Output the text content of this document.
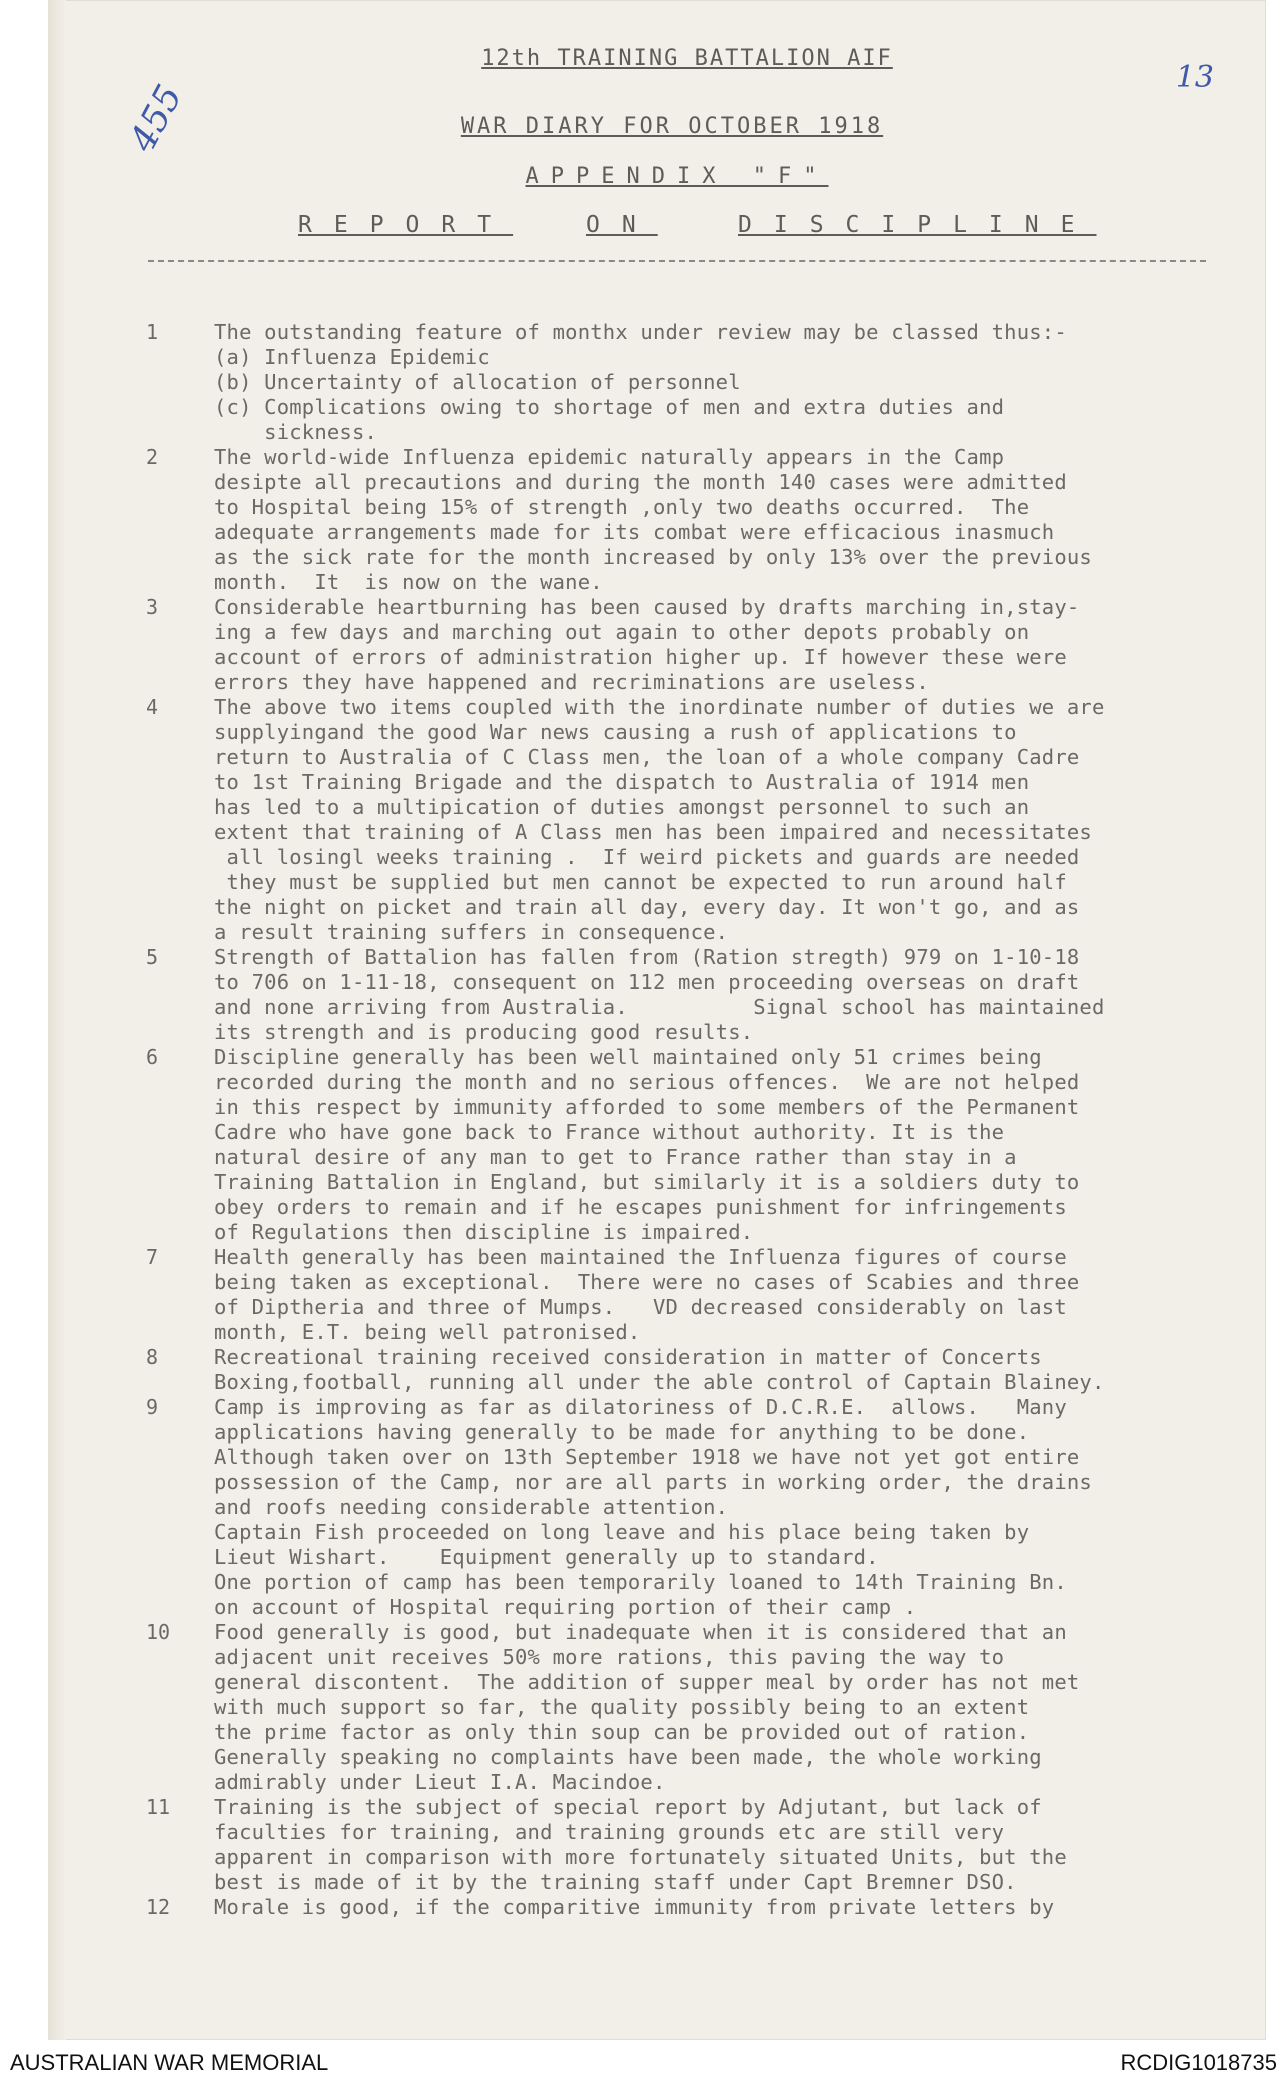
12th TRAINING BATTALION AIF
WAR DIARY FOR OCTOBER 1918
APPENDIX "F"
REPORT	ON	DISCIPLINE
13
455
1	The outstanding feature of monthx under review may be classed thus:-
(a) Influenza Epidemic
(b) Uncertainty of allocation of personnel
(c) Complications owing to shortage of men and extra duties and
sickness.
2	The world-wide Influenza epidemic naturally appears in the Camp
desipte all precautions and during the month 140 cases were admitted
to Hospital being 15% of strength ,only two deaths occurred.  The
adequate arrangements made for its combat were efficacious inasmuch
as the sick rate for the month increased by only 13% over the previous
month.  It  is now on the wane.
3	Considerable heartburning has been caused by drafts marching in,stay-
ing a few days and marching out again to other depots probably on
account of errors of administration higher up. If however these were
errors they have happened and recriminations are useless.
4	The above two items coupled with the inordinate number of duties we are
supplyingand the good War news causing a rush of applications to
return to Australia of C Class men, the loan of a whole company Cadre
to 1st Training Brigade and the dispatch to Australia of 1914 men
has led to a multipication of duties amongst personnel to such an
extent that training of A Class men has been impaired and necessitates
all losingl weeks training .  If weird pickets and guards are needed
they must be supplied but men cannot be expected to run around half
the night on picket and train all day, every day. It won't go, and as
a result training suffers in consequence.
5	Strength of Battalion has fallen from (Ration stregth) 979 on 1-10-18
to 706 on 1-11-18, consequent on 112 men proceeding overseas on draft
and none arriving from Australia.          Signal school has maintained
its strength and is producing good results.
6	Discipline generally has been well maintained only 51 crimes being
recorded during the month and no serious offences.  We are not helped
in this respect by immunity afforded to some members of the Permanent
Cadre who have gone back to France without authority. It is the
natural desire of any man to get to France rather than stay in a
Training Battalion in England, but similarly it is a soldiers duty to
obey orders to remain and if he escapes punishment for infringements
of Regulations then discipline is impaired.
7	Health generally has been maintained the Influenza figures of course
being taken as exceptional.  There were no cases of Scabies and three
of Diptheria and three of Mumps.   VD decreased considerably on last
month, E.T. being well patronised.
8	Recreational training received consideration in matter of Concerts
Boxing,football, running all under the able control of Captain Blainey.
9	Camp is improving as far as dilatoriness of D.C.R.E.  allows.   Many
applications having generally to be made for anything to be done.
Although taken over on 13th September 1918 we have not yet got entire
possession of the Camp, nor are all parts in working order, the drains
and roofs needing considerable attention.
Captain Fish proceeded on long leave and his place being taken by
Lieut Wishart.    Equipment generally up to standard.
One portion of camp has been temporarily loaned to 14th Training Bn.
on account of Hospital requiring portion of their camp .
10	Food generally is good, but inadequate when it is considered that an
adjacent unit receives 50% more rations, this paving the way to
general discontent.  The addition of supper meal by order has not met
with much support so far, the quality possibly being to an extent
the prime factor as only thin soup can be provided out of ration.
Generally speaking no complaints have been made, the whole working
admirably under Lieut I.A. Macindoe.
11	Training is the subject of special report by Adjutant, but lack of
faculties for training, and training grounds etc are still very
apparent in comparison with more fortunately situated Units, but the
best is made of it by the training staff under Capt Bremner DSO.
12	Morale is good, if the comparitive immunity from private letters by
AUSTRALIAN WAR MEMORIAL	RCDIG1018735
